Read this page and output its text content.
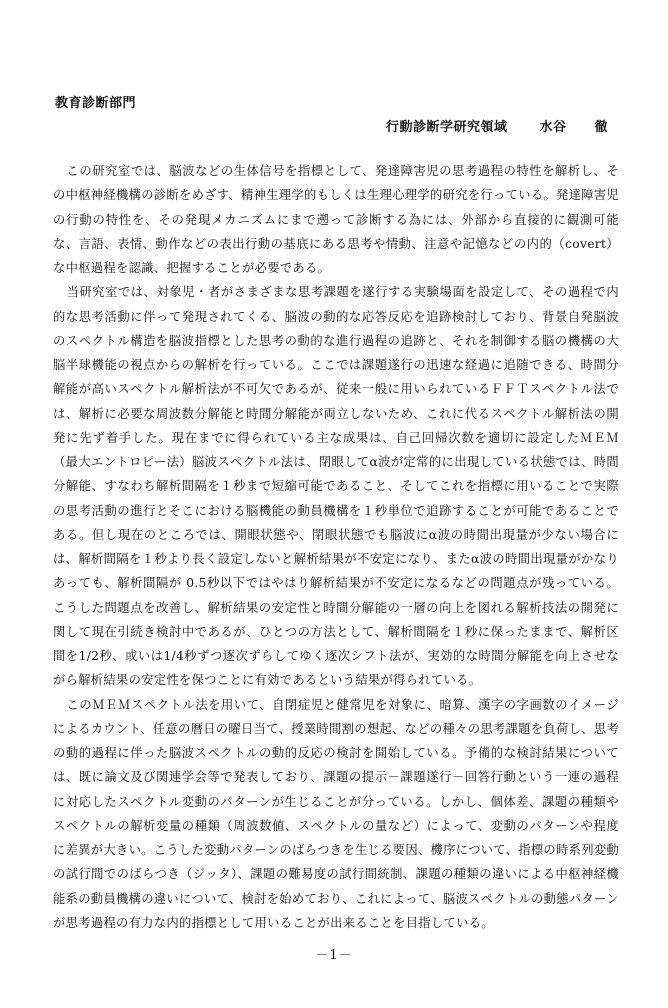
教育診断部門
行動診断学研究領域 水谷 徹

この研究室では、脳波などの生体信号を指標として、発達障害児の思考過程の特性を解析し、その中枢神経機構の診断をめざす、精神生理学的もしくは生理心理学的研究を行っている。発達障害児の行動の特性を、その発現メカニズムにまで遡って診断する為には、外部から直接的に観測可能な、言語、表情、動作などの表出行動の基底にある思考や情動、注意や記憶などの内的（covert）な中枢過程を認識、把握することが必要である。

当研究室では、対象児・者がさまざまな思考課題を遂行する実験場面を設定して、その過程で内的な思考活動に伴って発現されてくる、脳波の動的な応答反応を追跡検討しており、背景自発脳波のスペクトル構造を脳波指標とした思考の動的な進行過程の追跡と、それを制御する脳の機構の大脳半球機能の視点からの解析を行っている。ここでは課題遂行の迅速な経過に追随できる、時間分解能が高いスペクトル解析法が不可欠であるが、従来一般に用いられているＦＦＴスペクトル法では、解析に必要な周波数分解能と時間分解能が両立しないため、これに代るスペクトル解析法の開発に先ず着手した。現在までに得られている主な成果は、自己回帰次数を適切に設定したＭＥＭ（最大エントロピー法）脳波スペクトル法は、閉眼してα波が定常的に出現している状態では、時間分解能、すなわち解析間隔を１秒まで短縮可能であること、そしてこれを指標に用いることで実際の思考活動の進行とそこにおける脳機能の動員機構を１秒単位で追跡することが可能であることである。但し現在のところでは、開眼状態や、閉眼状態でも脳波にα波の時間出現量が少ない場合には、解析間隔を１秒より長く設定しないと解析結果が不安定になり、またα波の時間出現量がかなりあっても、解析間隔が 0.5秒以下ではやはり解析結果が不安定になるなどの問題点が残っている。こうした問題点を改善し、解析結果の安定性と時間分解能の一層の向上を図れる解析技法の開発に関して現在引続き検討中であるが、ひとつの方法として、解析間隔を１秒に保ったままで、解析区間を1/2秒、或いは1/4秒ずつ逐次ずらしてゆく逐次シフト法が、実効的な時間分解能を向上させながら解析結果の安定性を保つことに有効であるという結果が得られている。

このＭＥＭスペクトル法を用いて、自閉症児と健常児を対象に、暗算、漢字の字画数のイメージによるカウント、任意の暦日の曜日当て、授業時間割の想起、などの種々の思考課題を負荷し、思考の動的過程に伴った脳波スペクトルの動的反応の検討を開始している。予備的な検討結果については、既に論文及び関連学会等で発表しており、課題の提示－課題遂行－回答行動という一連の過程に対応したスペクトル変動のパターンが生じることが分っている。しかし、個体差、課題の種類やスペクトルの解析変量の種類（周波数値、スペクトルの量など）によって、変動のパターンや程度に差異が大きい。こうした変動パターンのばらつきを生じる要因、機序について、指標の時系列変動の試行間でのばらつき（ジッタ）、課題の難易度の試行間統制、課題の種類の違いによる中枢神経機能系の動員機構の違いについて、検討を始めており、これによって、脳波スペクトルの動態パターンが思考過程の有力な内的指標として用いることが出来ることを目指している。

－1－
